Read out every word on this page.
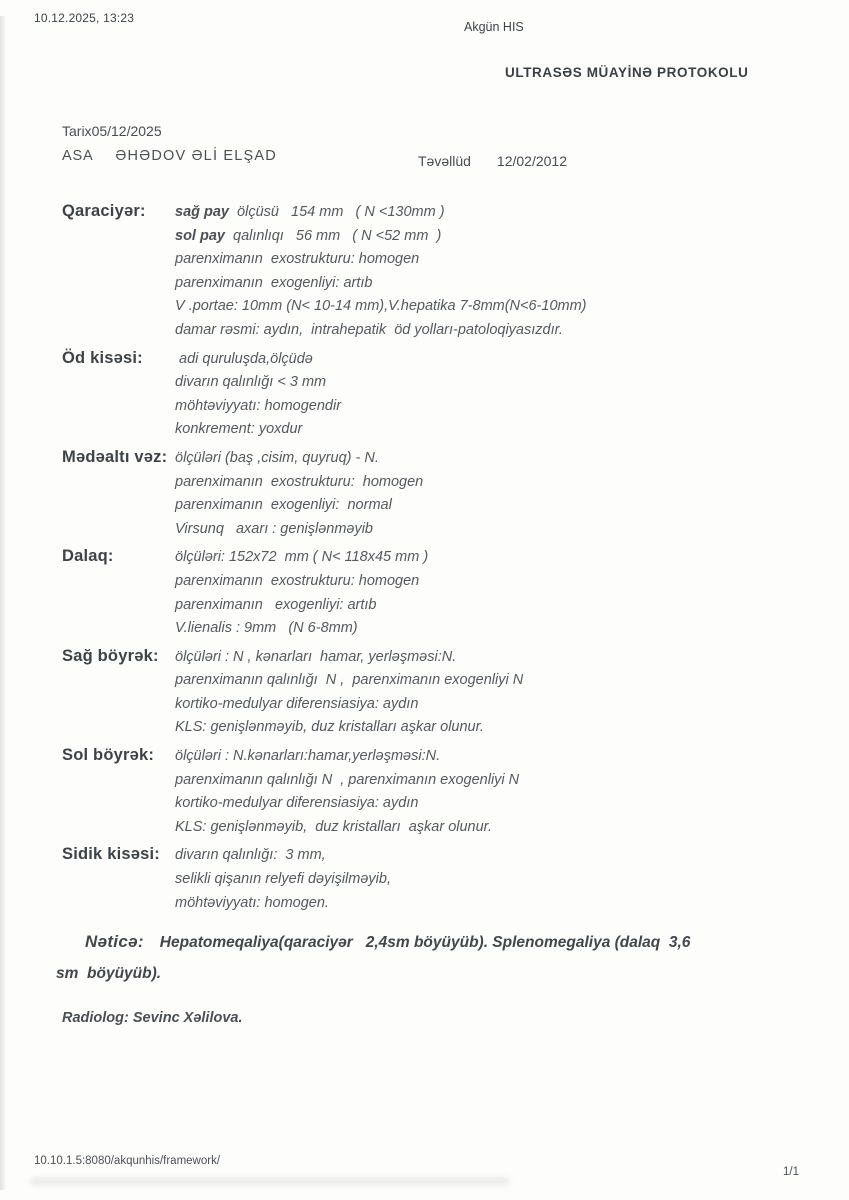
10.12.2025, 13:23
Akgün HIS
ULTRASƏS MÜAYİNƏ PROTOKOLU
Tarix05/12/2025
ASA ƏHƏDOV ƏLİ ELŞAD	Təvəllüd 12/02/2012
Qaraciyər:	sağ pay  ölçüsü   154 mm   ( N <130mm )
sol pay  qalınlıqı   56 mm   ( N <52 mm  )
parenximanın  exostrukturu: homogen
parenximanın  exogenliyi: artıb
V .portae: 10mm (N< 10-14 mm),V.hepatika 7-8mm(N<6-10mm)
damar rəsmi: aydın,  intrahepatik  öd yolları-patoloqiyasızdır.
Öd kisəsi:	adi quruluşda,ölçüdə
divarın qalınlığı < 3 mm
möhtəviyyatı: homogendir
konkrement: yoxdur
Mədəaltı vəz: ölçüləri (baş ,cisim, quyruq) - N.
parenximanın  exostrukturu:  homogen
parenximanın  exogenliyi:  normal
Virsunq   axarı : genişlənməyib
Dalaq:	ölçüləri: 152x72  mm ( N< 118x45 mm )
parenximanın  exostrukturu: homogen
parenximanın   exogenliyi: artıb
V.lienalis : 9mm   (N 6-8mm)
Sağ böyrək:	ölçüləri : N , kənarları  hamar, yerləşməsi:N.
parenximanın qalınlığı  N ,  parenximanın exogenliyi N
kortiko-medulyar diferensiasiya: aydın
KLS: genişlənməyib, duz kristalları aşkar olunur.
Sol böyrək:	ölçüləri : N.kənarları:hamar,yerləşməsi:N.
parenximanın qalınlığı N  , parenximanın exogenliyi N
kortiko-medulyar diferensiasiya: aydın
KLS: genişlənməyib,  duz kristalları  aşkar olunur.
Sidik kisəsi:	divarın qalınlığı:  3 mm,
selikli qişanın relyefi dəyişilməyib,
möhtəviyyatı: homogen.
Nəticə: Hepatomeqaliya(qaraciyər   2,4sm böyüyüb). Splenomegaliya (dalaq  3,6
sm  böyüyüb).
Radiolog: Sevinc Xəlilova.
10.10.1.5:8080/akqunhis/framework/
1/1
